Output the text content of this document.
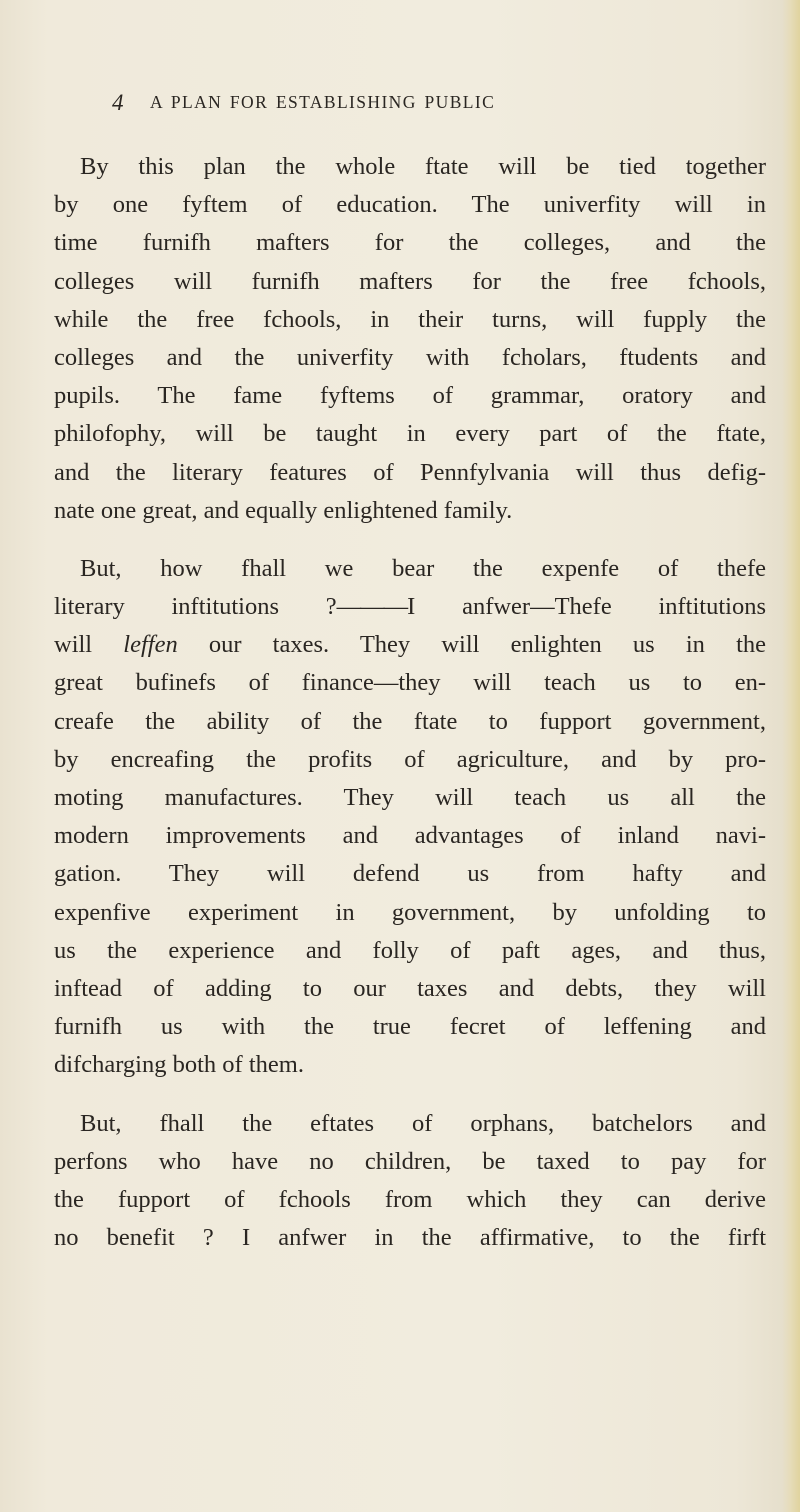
4 A PLAN FOR ESTABLISHING PUBLIC
By this plan the whole ftate will be tied together
by one fyftem of education. The univerfity will in
time furnifh mafters for the colleges, and the
colleges will furnifh mafters for the free fchools,
while the free fchools, in their turns, will fupply the
colleges and the univerfity with fcholars, ftudents and
pupils. The fame fyftems of grammar, oratory and
philofophy, will be taught in every part of the ftate,
and the literary features of Pennfylvania will thus defig-
nate one great, and equally enlightened family.
But, how fhall we bear the expenfe of thefe
literary inftitutions ?———I anfwer—Thefe inftitutions
will leffen our taxes. They will enlighten us in the
great bufinefs of finance—they will teach us to en-
creafe the ability of the ftate to fupport government,
by encreafing the profits of agriculture, and by pro-
moting manufactures. They will teach us all the
modern improvements and advantages of inland navi-
gation. They will defend us from hafty and
expenfive experiment in government, by unfolding to
us the experience and folly of paft ages, and thus,
inftead of adding to our taxes and debts, they will
furnifh us with the true fecret of leffening and
difcharging both of them.
But, fhall the eftates of orphans, batchelors and
perfons who have no children, be taxed to pay for
the fupport of fchools from which they can derive
no benefit ? I anfwer in the affirmative, to the firft
